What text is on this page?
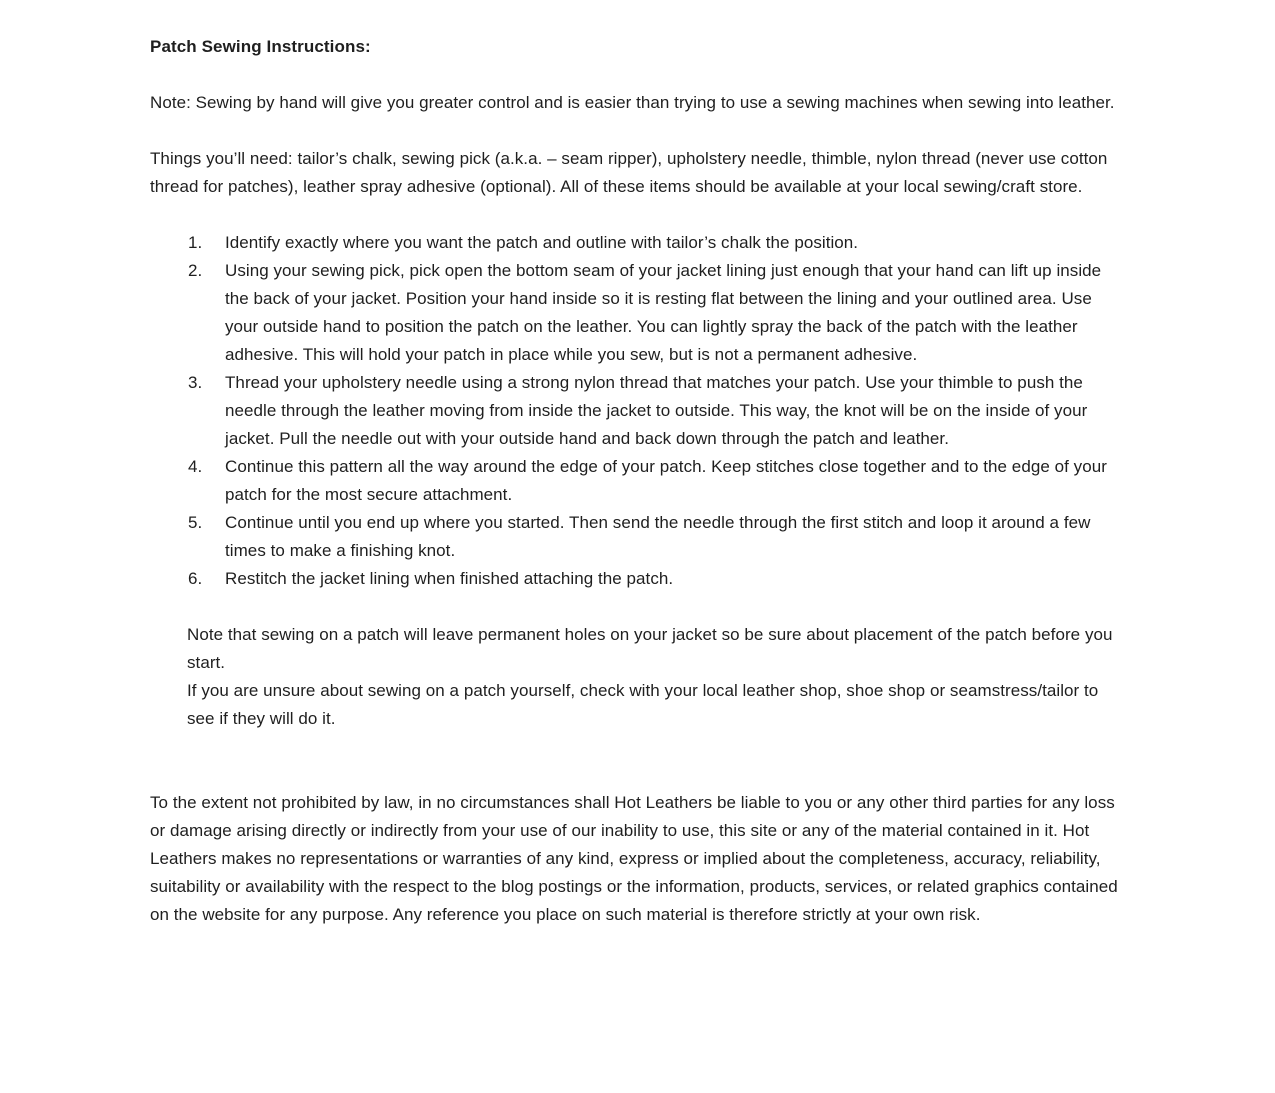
Patch Sewing Instructions:

Note: Sewing by hand will give you greater control and is easier than trying to use a sewing machines when sewing into leather.

Things you’ll need: tailor’s chalk, sewing pick (a.k.a. – seam ripper), upholstery needle, thimble, nylon thread (never use cotton thread for patches), leather spray adhesive (optional). All of these items should be available at your local sewing/craft store.

Identify exactly where you want the patch and outline with tailor’s chalk the position.
Using your sewing pick, pick open the bottom seam of your jacket lining just enough that your hand can lift up inside the back of your jacket. Position your hand inside so it is resting flat between the lining and your outlined area. Use your outside hand to position the patch on the leather. You can lightly spray the back of the patch with the leather adhesive. This will hold your patch in place while you sew, but is not a permanent adhesive.
Thread your upholstery needle using a strong nylon thread that matches your patch. Use your thimble to push the needle through the leather moving from inside the jacket to outside. This way, the knot will be on the inside of your jacket. Pull the needle out with your outside hand and back down through the patch and leather.
Continue this pattern all the way around the edge of your patch. Keep stitches close together and to the edge of your patch for the most secure attachment.
Continue until you end up where you started. Then send the needle through the first stitch and loop it around a few times to make a finishing knot.
Restitch the jacket lining when finished attaching the patch.

Note that sewing on a patch will leave permanent holes on your jacket so be sure about placement of the patch before you start.

If you are unsure about sewing on a patch yourself, check with your local leather shop, shoe shop or seamstress/tailor to see if they will do it.

To the extent not prohibited by law, in no circumstances shall Hot Leathers be liable to you or any other third parties for any loss or damage arising directly or indirectly from your use of our inability to use, this site or any of the material contained in it. Hot Leathers makes no representations or warranties of any kind, express or implied about the completeness, accuracy, reliability, suitability or availability with the respect to the blog postings or the information, products, services, or related graphics contained on the website for any purpose. Any reference you place on such material is therefore strictly at your own risk.
